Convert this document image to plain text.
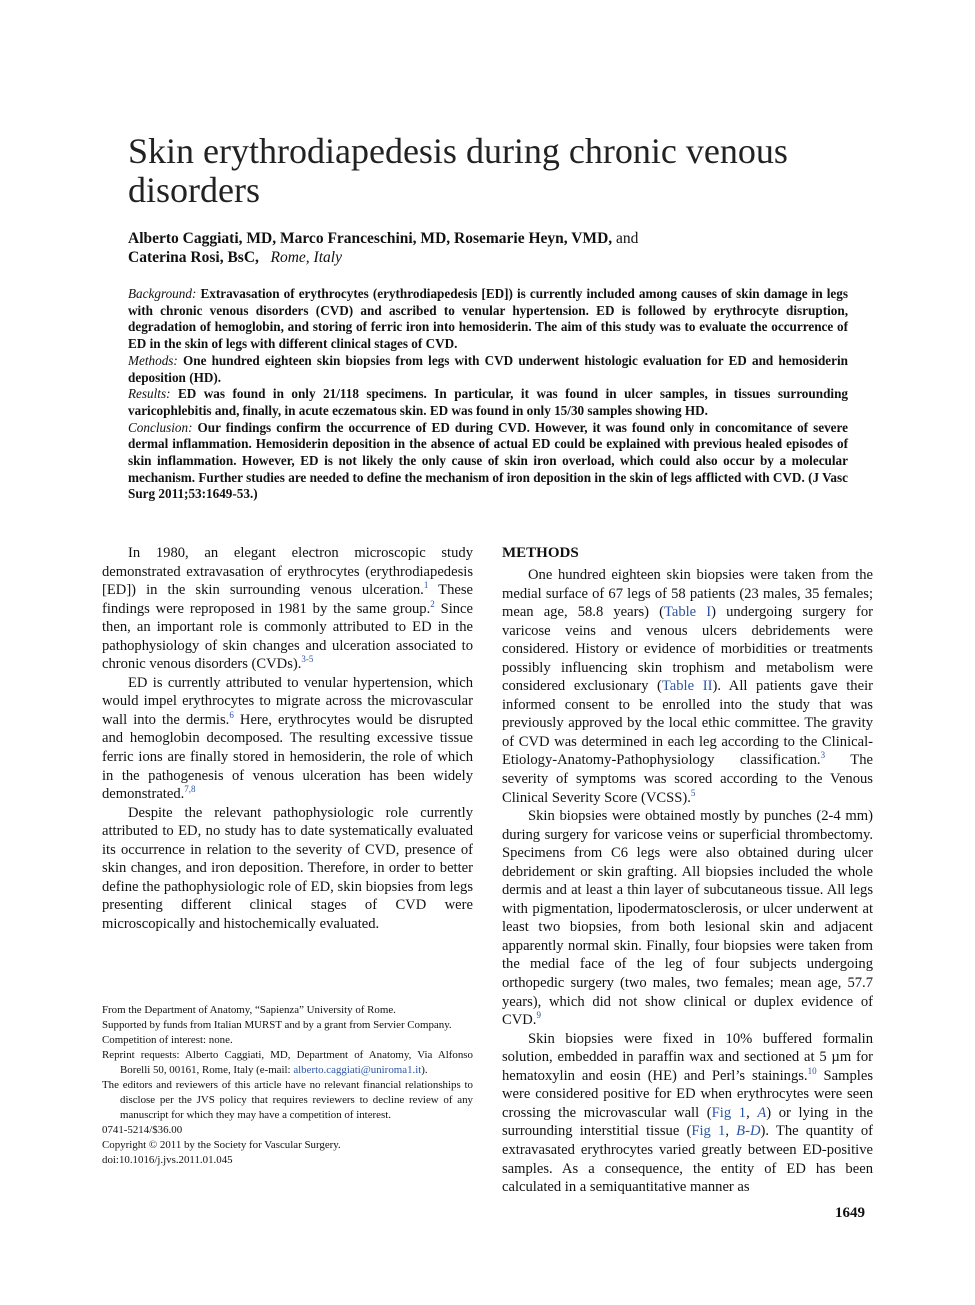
Skin erythrodiapedesis during chronic venous disorders
Alberto Caggiati, MD, Marco Franceschini, MD, Rosemarie Heyn, VMD, and
Caterina Rosi, BsC, Rome, Italy

Background: Extravasation of erythrocytes (erythrodiapedesis [ED]) is currently included among causes of skin damage in legs with chronic venous disorders (CVD) and ascribed to venular hypertension. ED is followed by erythrocyte disruption, degradation of hemoglobin, and storing of ferric iron into hemosiderin. The aim of this study was to evaluate the occurrence of ED in the skin of legs with different clinical stages of CVD.

Methods: One hundred eighteen skin biopsies from legs with CVD underwent histologic evaluation for ED and hemosiderin deposition (HD).

Results: ED was found in only 21/118 specimens. In particular, it was found in ulcer samples, in tissues surrounding varicophlebitis and, finally, in acute eczematous skin. ED was found in only 15/30 samples showing HD.

Conclusion: Our findings confirm the occurrence of ED during CVD. However, it was found only in concomitance of severe dermal inflammation. Hemosiderin deposition in the absence of actual ED could be explained with previous healed episodes of skin inflammation. However, ED is not likely the only cause of skin iron overload, which could also occur by a molecular mechanism. Further studies are needed to define the mechanism of iron deposition in the skin of legs afflicted with CVD. (J Vasc Surg 2011;53:1649-53.)

In 1980, an elegant electron microscopic study demonstrated extravasation of erythrocytes (erythrodiapedesis [ED]) in the skin surrounding venous ulceration.$^1$ These findings were reproposed in 1981 by the same group.$^2$ Since then, an important role is commonly attributed to ED in the pathophysiology of skin changes and ulceration associated to chronic venous disorders (CVDs).$^{3-5}$

ED is currently attributed to venular hypertension, which would impel erythrocytes to migrate across the microvascular wall into the dermis.$^6$ Here, erythrocytes would be disrupted and hemoglobin decomposed. The resulting excessive tissue ferric ions are finally stored in hemosiderin, the role of which in the pathogenesis of venous ulceration has been widely demonstrated.$^{7,8}$

Despite the relevant pathophysiologic role currently attributed to ED, no study has to date systematically evaluated its occurrence in relation to the severity of CVD, presence of skin changes, and iron deposition. Therefore, in order to better define the pathophysiologic role of ED, skin biopsies from legs presenting different clinical stages of CVD were microscopically and histochemically evaluated.

METHODS

One hundred eighteen skin biopsies were taken from the medial surface of 67 legs of 58 patients (23 males, 35 females; mean age, 58.8 years) (Table I) undergoing surgery for varicose veins and venous ulcers debridements were considered. History or evidence of morbidities or treatments possibly influencing skin trophism and metabolism were considered exclusionary (Table II). All patients gave their informed consent to be enrolled into the study that was previously approved by the local ethic committee. The gravity of CVD was determined in each leg according to the Clinical-Etiology-Anatomy-Pathophysiology classification.$^3$ The severity of symptoms was scored according to the Venous Clinical Severity Score (VCSS).$^5$

Skin biopsies were obtained mostly by punches (2-4 mm) during surgery for varicose veins or superficial thrombectomy. Specimens from C6 legs were also obtained during ulcer debridement or skin grafting. All biopsies included the whole dermis and at least a thin layer of subcutaneous tissue. All legs with pigmentation, lipodermatosclerosis, or ulcer underwent at least two biopsies, from both lesional skin and adjacent apparently normal skin. Finally, four biopsies were taken from the medial face of the leg of four subjects undergoing orthopedic surgery (two males, two females; mean age, 57.7 years), which did not show clinical or duplex evidence of CVD.$^9$

Skin biopsies were fixed in 10% buffered formalin solution, embedded in paraffin wax and sectioned at 5 µm for hematoxylin and eosin (HE) and Perl’s stainings.$^{10}$ Samples were considered positive for ED when erythrocytes were seen crossing the microvascular wall (Fig 1, A) or lying in the surrounding interstitial tissue (Fig 1, B-D). The quantity of extravasated erythrocytes varied greatly between ED-positive samples. As a consequence, the entity of ED has been calculated in a semiquantitative manner as

From the Department of Anatomy, “Sapienza” University of Rome.

Supported by funds from Italian MURST and by a grant from Servier Company.

Competition of interest: none.

Reprint requests: Alberto Caggiati, MD, Department of Anatomy, Via Alfonso Borelli 50, 00161, Rome, Italy (e-mail: alberto.caggiati@uniroma1.it).

The editors and reviewers of this article have no relevant financial relationships to disclose per the JVS policy that requires reviewers to decline review of any manuscript for which they may have a competition of interest.

0741-5214/$36.00

Copyright © 2011 by the Society for Vascular Surgery.

doi:10.1016/j.jvs.2011.01.045

1649
